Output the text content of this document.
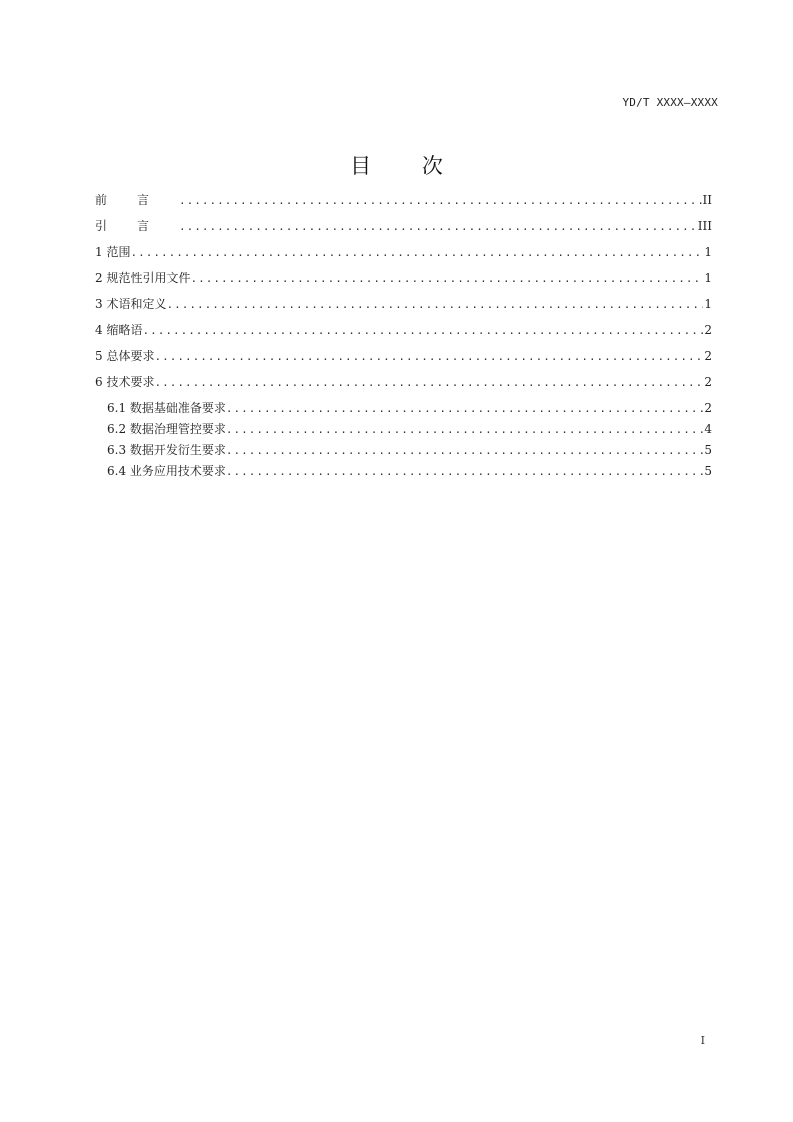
YD/T XXXX—XXXX
目 次
前言 .....	II
引言 .....	III
1 范围 .....	1
2 规范性引用文件 .....	1
3 术语和定义 .....	1
4 缩略语 .....	2
5 总体要求 .....	2
6 技术要求 .....	2
6.1 数据基础准备要求 .....	2
6.2 数据治理管控要求 .....	4
6.3 数据开发衍生要求 .....	5
6.4 业务应用技术要求 .....	5
I
